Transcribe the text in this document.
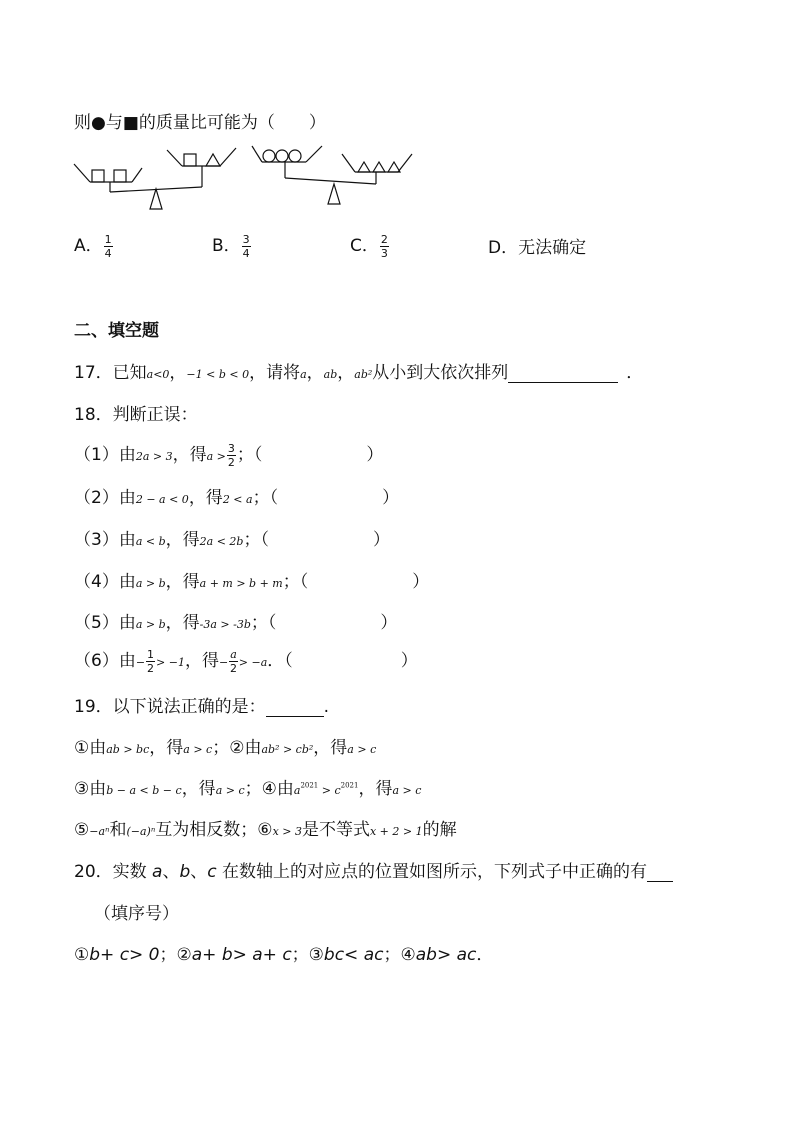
则●与■的质量比可能为（　　）
A． $\frac{1}{4}$	B． $\frac{3}{4}$	C． $\frac{2}{3}$	D．无法确定
二、填空题
17．已知a<0，−1 < b < 0，请将a，ab，ab²从小到大依次排列	．
18．判断正误：
（1）由2a > 3，得$a > \frac{3}{2}$ ；（	）
（2）由2 − a < 0，得2 < a；（	）
（3）由a < b，得2a < 2b；（	）
（4）由a > b，得a + m > b + m；（	）
（5）由a > b，得-3a > -3b；（	）
（6）由− $\frac{1}{2} > -1$，得− $\frac{a}{2} > -a$．（	）
19．以下说法正确的是：	.
①由ab > bc，得a > c；②由ab² > cb²，得a > c
③由b − a < b − c，得a > c；④由$a^{2021} > c^{2021}$，得a > c
⑤−aⁿ和(−a)ⁿ互为相反数；⑥x > 3是不等式x + 2 > 1的解
20．实数 a、b、c 在数轴上的对应点的位置如图所示，下列式子中正确的有
（填序号）
①b+ c> 0；②a+ b> a+ c；③bc< ac；④ab> ac．
